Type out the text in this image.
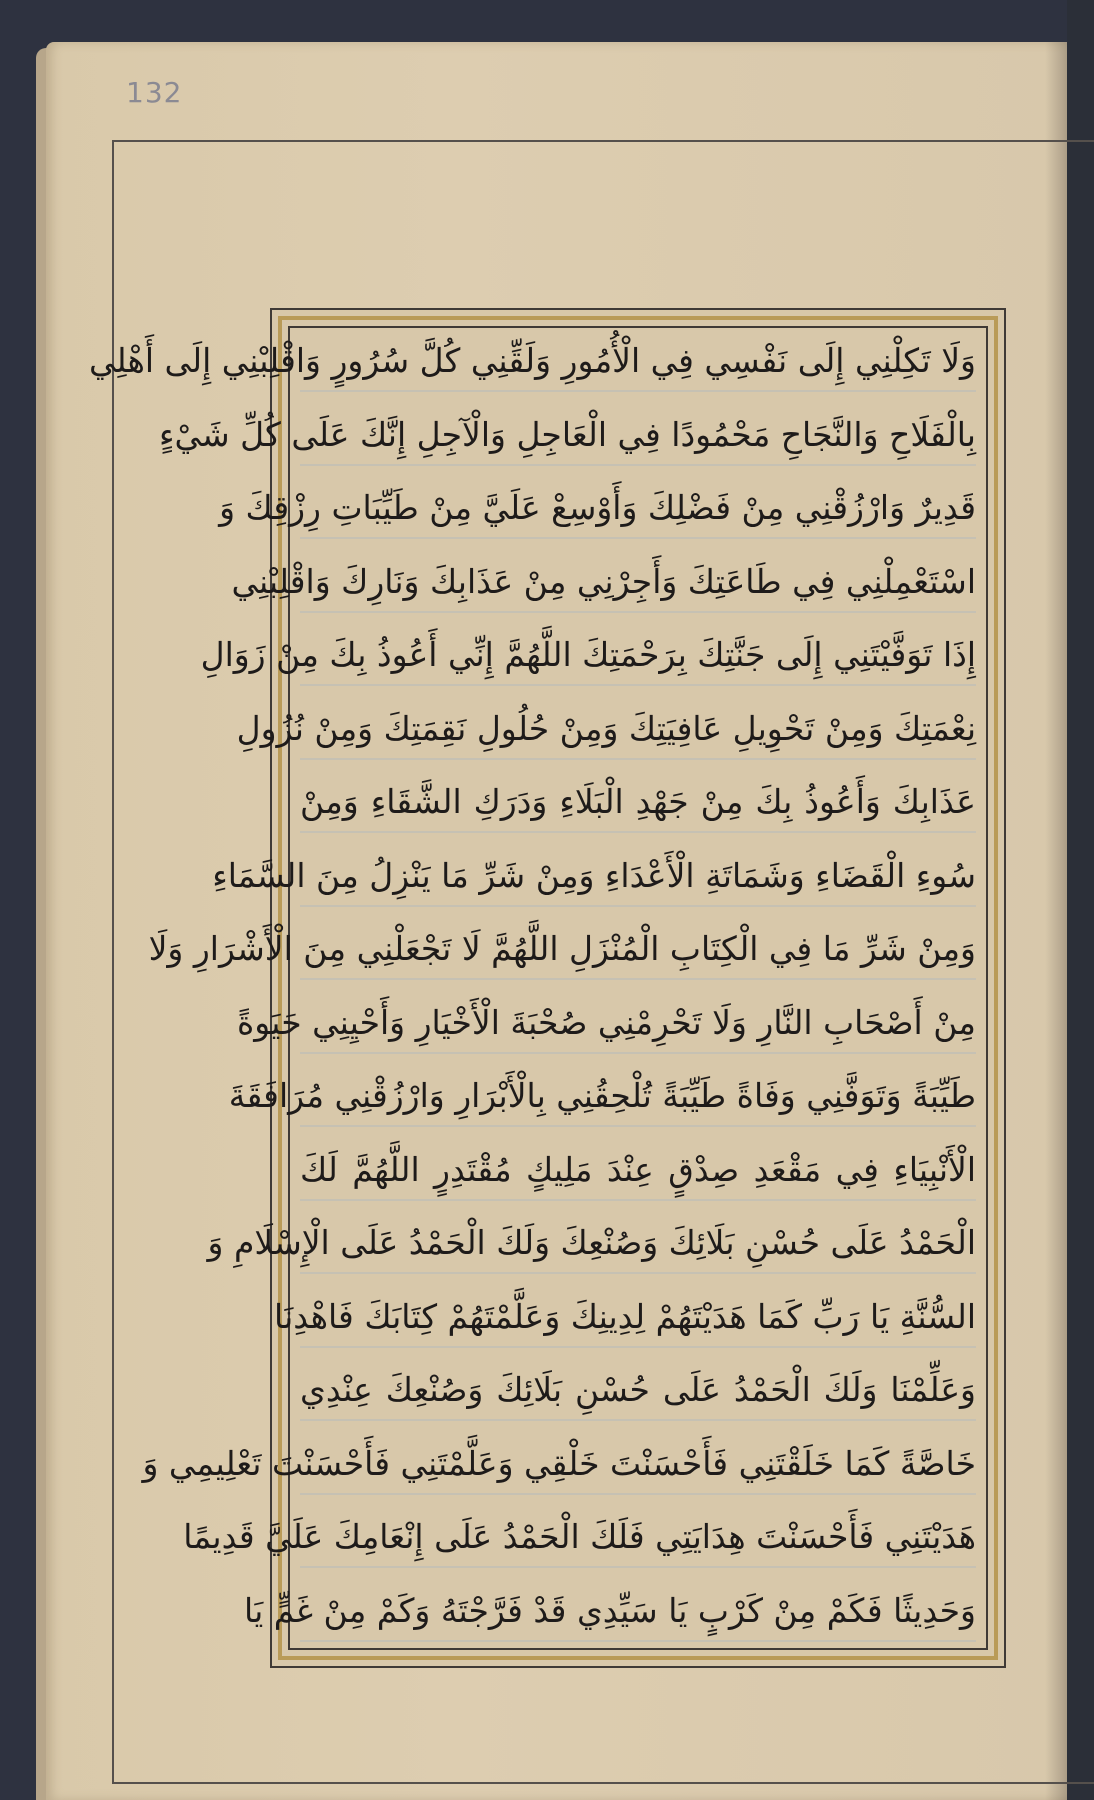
132
وَلَا تَكِلْنِي إِلَى نَفْسِي فِي الْأُمُورِ وَلَقِّنِي كُلَّ سُرُورٍ وَاقْلِبْنِي إِلَى أَهْلِي
بِالْفَلَاحِ وَالنَّجَاحِ مَحْمُودًا فِي الْعَاجِلِ وَالْآجِلِ إِنَّكَ عَلَى كُلِّ شَيْءٍ
قَدِيرٌ وَارْزُقْنِي مِنْ فَضْلِكَ وَأَوْسِعْ عَلَيَّ مِنْ طَيِّبَاتِ رِزْقِكَ وَ
اسْتَعْمِلْنِي فِي طَاعَتِكَ وَأَجِرْنِي مِنْ عَذَابِكَ وَنَارِكَ وَاقْلِبْنِي
إِذَا تَوَفَّيْتَنِي إِلَى جَنَّتِكَ بِرَحْمَتِكَ اللَّهُمَّ إِنِّي أَعُوذُ بِكَ مِنْ زَوَالِ
نِعْمَتِكَ وَمِنْ تَحْوِيلِ عَافِيَتِكَ وَمِنْ حُلُولِ نَقِمَتِكَ وَمِنْ نُزُولِ
عَذَابِكَ وَأَعُوذُ بِكَ مِنْ جَهْدِ الْبَلَاءِ وَدَرَكِ الشَّقَاءِ وَمِنْ
سُوءِ الْقَضَاءِ وَشَمَاتَةِ الْأَعْدَاءِ وَمِنْ شَرِّ مَا يَنْزِلُ مِنَ السَّمَاءِ
وَمِنْ شَرِّ مَا فِي الْكِتَابِ الْمُنْزَلِ اللَّهُمَّ لَا تَجْعَلْنِي مِنَ الْأَشْرَارِ وَلَا
مِنْ أَصْحَابِ النَّارِ وَلَا تَحْرِمْنِي صُحْبَةَ الْأَخْيَارِ وَأَحْيِنِي حَيَوةً
طَيِّبَةً وَتَوَفَّنِي وَفَاةً طَيِّبَةً تُلْحِقُنِي بِالْأَبْرَارِ وَارْزُقْنِي مُرَافَقَةَ
الْأَنْبِيَاءِ فِي مَقْعَدِ صِدْقٍ عِنْدَ مَلِيكٍ مُقْتَدِرٍ اللَّهُمَّ لَكَ
الْحَمْدُ عَلَى حُسْنِ بَلَائِكَ وَصُنْعِكَ وَلَكَ الْحَمْدُ عَلَى الْإِسْلَامِ وَ
السُّنَّةِ يَا رَبِّ كَمَا هَدَيْتَهُمْ لِدِينِكَ وَعَلَّمْتَهُمْ كِتَابَكَ فَاهْدِنَا
وَعَلِّمْنَا وَلَكَ الْحَمْدُ عَلَى حُسْنِ بَلَائِكَ وَصُنْعِكَ عِنْدِي
خَاصَّةً كَمَا خَلَقْتَنِي فَأَحْسَنْتَ خَلْقِي وَعَلَّمْتَنِي فَأَحْسَنْتَ تَعْلِيمِي وَ
هَدَيْتَنِي فَأَحْسَنْتَ هِدَايَتِي فَلَكَ الْحَمْدُ عَلَى إِنْعَامِكَ عَلَيَّ قَدِيمًا
وَحَدِيثًا فَكَمْ مِنْ كَرْبٍ يَا سَيِّدِي قَدْ فَرَّجْتَهُ وَكَمْ مِنْ غَمٍّ يَا
